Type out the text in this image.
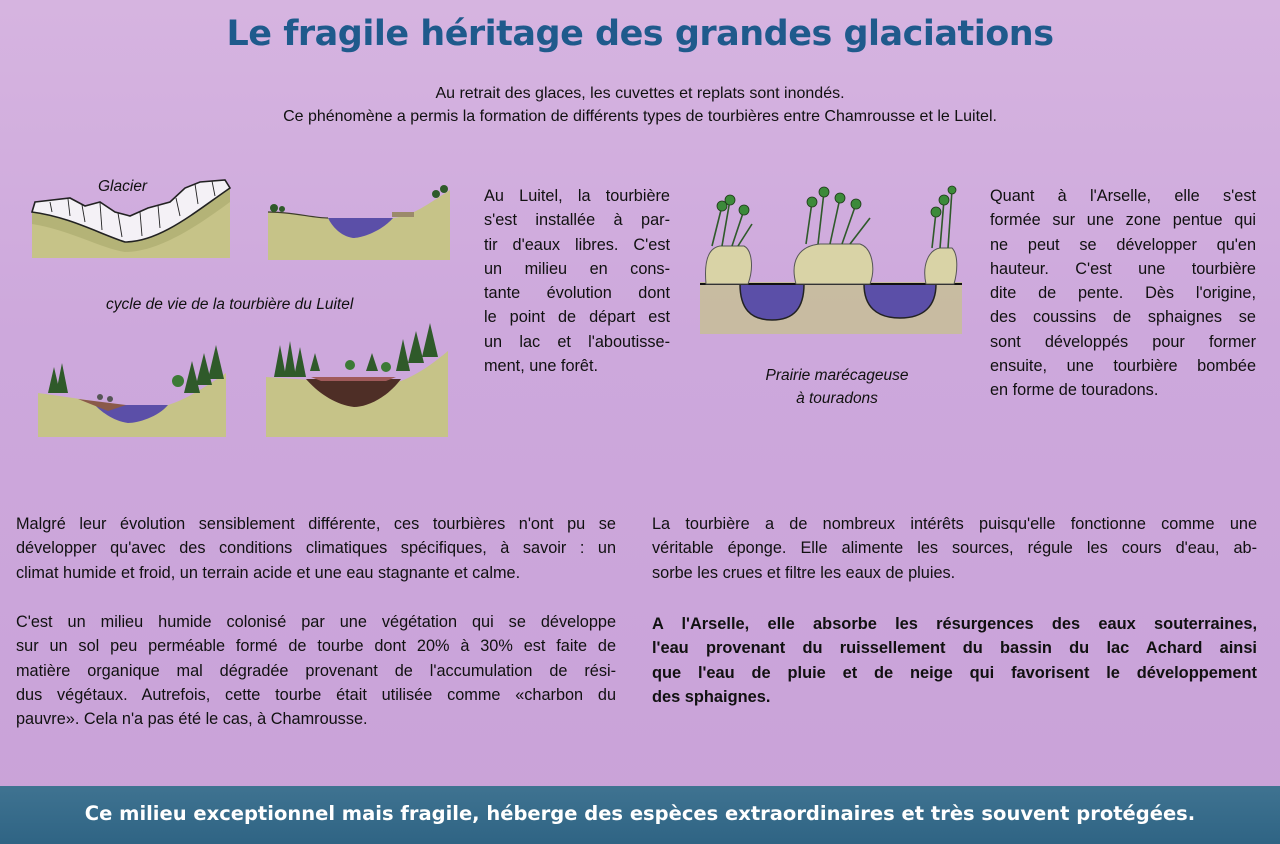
Le fragile héritage des grandes glaciations
Au retrait des glaces, les cuvettes et replats sont inondés.
Ce phénomène a permis la formation de différents types de tourbières entre Chamrousse et le Luitel.
Glacier
cycle de vie de la tourbière du Luitel
Au Luitel, la tourbière
s'est installée à par-
tir d'eaux libres. C'est
un milieu en cons-
tante évolution dont
le point de départ est
un lac et l'aboutisse-
ment, une forêt.
Prairie marécageuse
à touradons
Quant à l'Arselle, elle s'est
formée sur une zone pentue qui
ne peut se développer qu'en
hauteur. C'est une tourbière
dite de pente. Dès l'origine,
des coussins de sphaignes se
sont développés pour former
ensuite, une tourbière bombée
en forme de touradons.
Malgré leur évolution sensiblement différente, ces tourbières n'ont pu se
développer qu'avec des conditions climatiques spécifiques, à savoir : un
climat humide et froid, un terrain acide et une eau stagnante et calme.
C'est un milieu humide colonisé par une végétation qui se développe
sur un sol peu perméable formé de tourbe dont 20% à 30% est faite de
matière organique mal dégradée provenant de l'accumulation de rési-
dus végétaux. Autrefois, cette tourbe était utilisée comme «charbon du
pauvre». Cela n'a pas été le cas, à Chamrousse.
La tourbière a de nombreux intérêts puisqu'elle fonctionne comme une
véritable éponge. Elle alimente les sources, régule les cours d'eau, ab-
sorbe les crues et filtre les eaux de pluies.
A l'Arselle, elle absorbe les résurgences des eaux souterraines,
l'eau provenant du ruissellement du bassin du lac Achard ainsi
que l'eau de pluie et de neige qui favorisent le développement
des sphaignes.
Ce milieu exceptionnel mais fragile, héberge des espèces extraordinaires et très souvent protégées.
